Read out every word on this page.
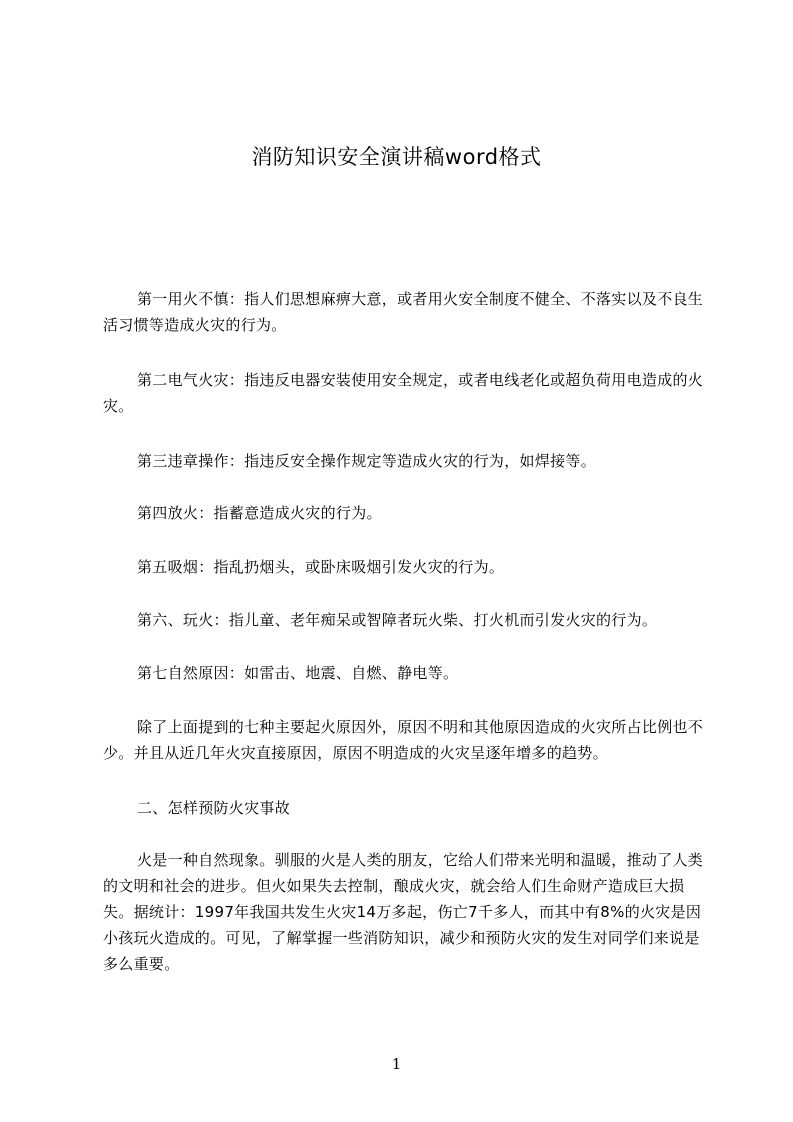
消防知识安全演讲稿word格式

第一用火不慎：指人们思想麻痹大意，或者用火安全制度不健全、不落实以及不良生活习惯等造成火灾的行为。

第二电气火灾：指违反电器安装使用安全规定，或者电线老化或超负荷用电造成的火灾。

第三违章操作：指违反安全操作规定等造成火灾的行为，如焊接等。

第四放火：指蓄意造成火灾的行为。

第五吸烟：指乱扔烟头，或卧床吸烟引发火灾的行为。

第六、玩火：指儿童、老年痴呆或智障者玩火柴、打火机而引发火灾的行为。

第七自然原因：如雷击、地震、自燃、静电等。

除了上面提到的七种主要起火原因外，原因不明和其他原因造成的火灾所占比例也不少。并且从近几年火灾直接原因，原因不明造成的火灾呈逐年增多的趋势。

二、怎样预防火灾事故

火是一种自然现象。驯服的火是人类的朋友，它给人们带来光明和温暖，推动了人类的文明和社会的进步。但火如果失去控制，酿成火灾，就会给人们生命财产造成巨大损失。据统计：1997年我国共发生火灾14万多起，伤亡7千多人，而其中有8%的火灾是因小孩玩火造成的。可见，了解掌握一些消防知识，减少和预防火灾的发生对同学们来说是多么重要。

1
